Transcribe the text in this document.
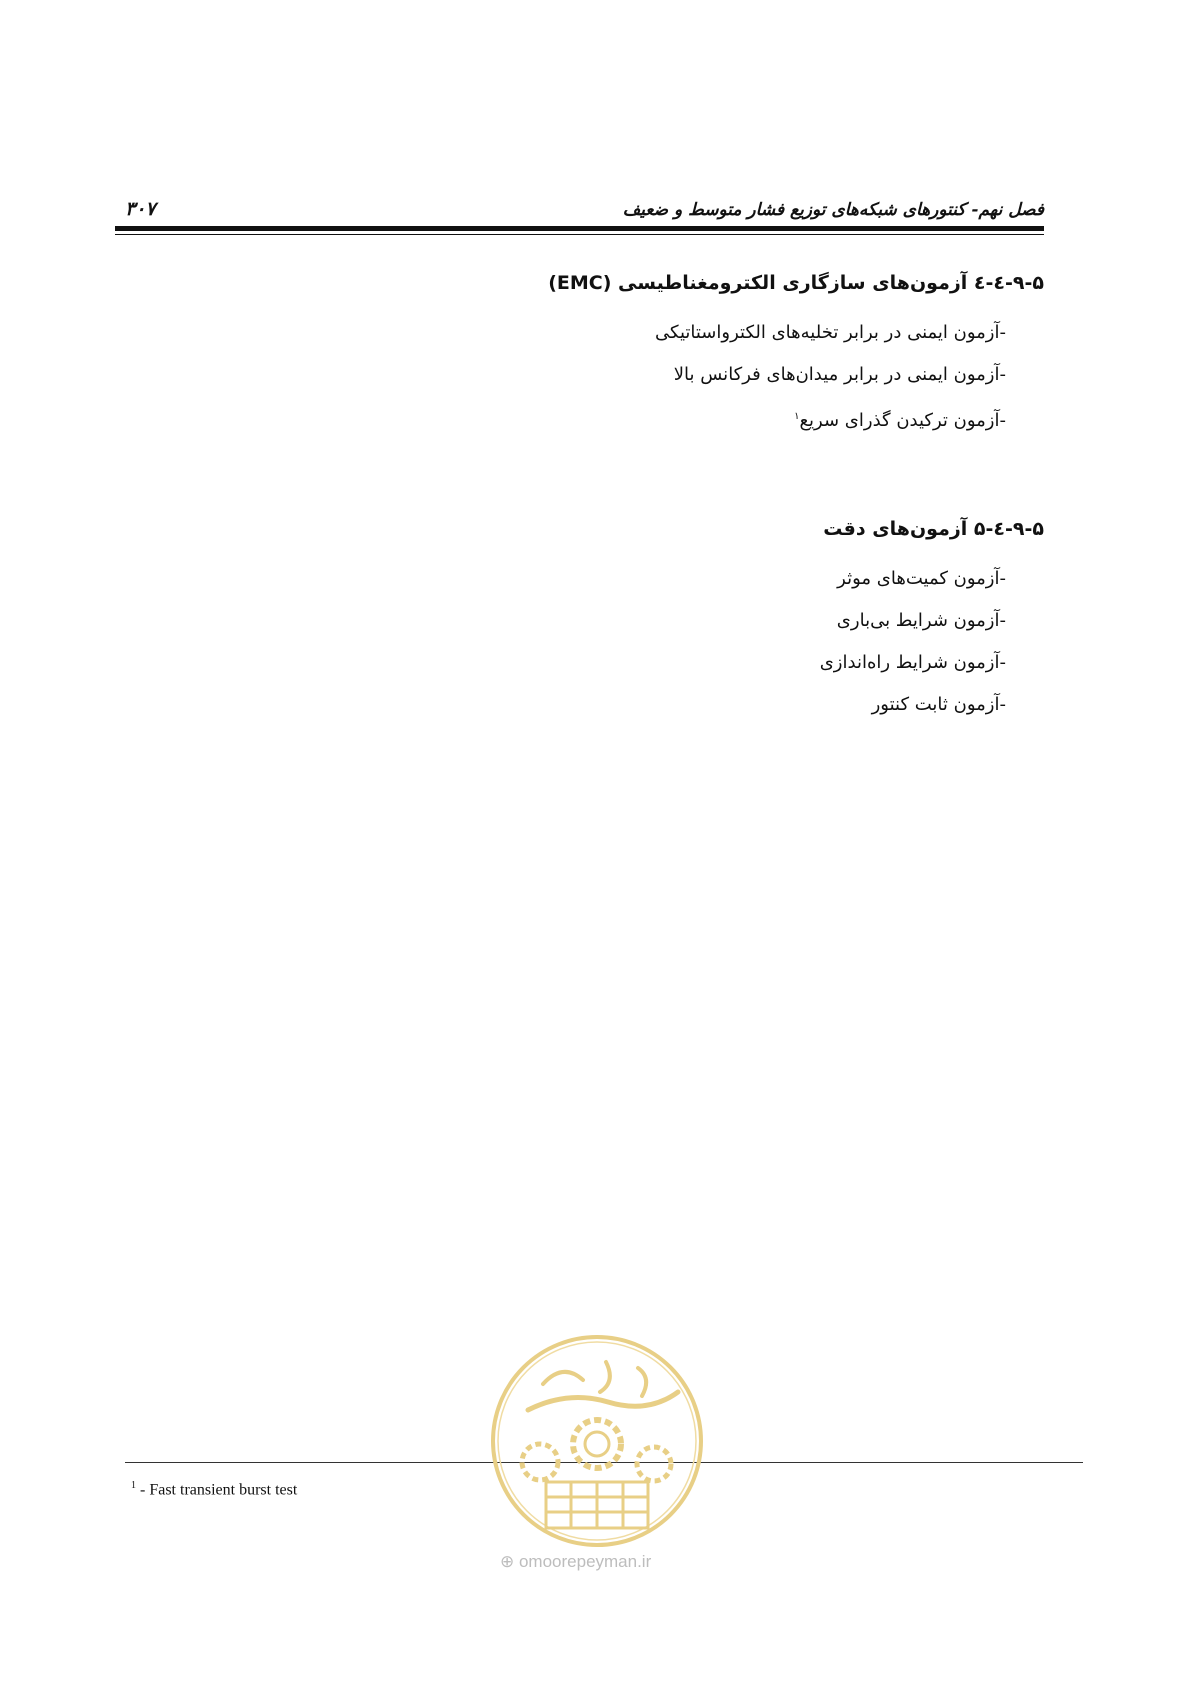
فصل نهم- کنتورهای شبکه‌های توزیع فشار متوسط و ضعیف
۳۰۷
۹-۵-٤-٤ آزمون‌های سازگاری الکترومغناطیسی (EMC)
-آزمون ایمنی در برابر تخلیه‌های الکترواستاتیکی
-آزمون ایمنی در برابر میدان‌های فرکانس بالا
-آزمون ترکیدن گذرای سریع$^۱$
۹-۵-٤-۵ آزمون‌های دقت
-آزمون کمیت‌های موثر
-آزمون شرایط بی‌باری
-آزمون شرایط راه‌اندازی
-آزمون ثابت کنتور
$^1$ - Fast transient burst test
⊕ omoorepeyman.ir
